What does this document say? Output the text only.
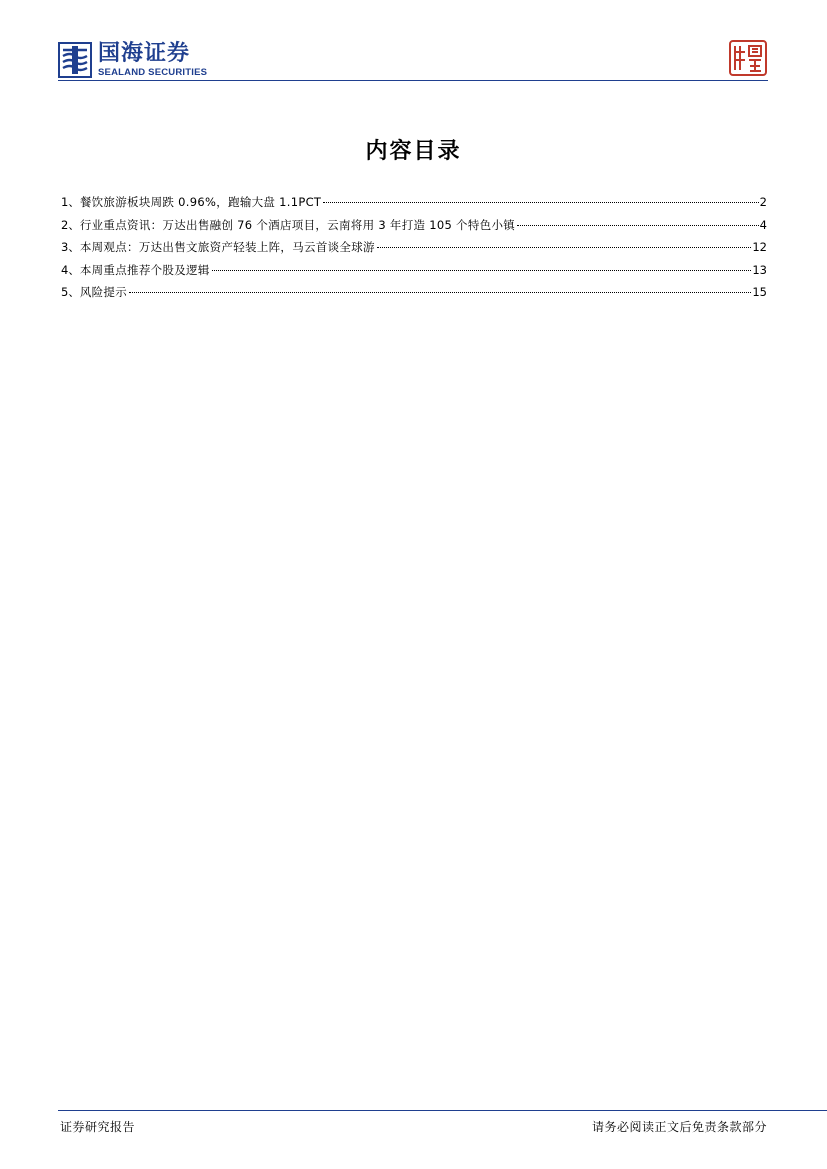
国海证券
SEALAND SECURITIES
内容目录
1 、 餐饮旅游板块周跌 0.96%，跑输大盘 1.1PCT	2
2 、 行业重点资讯：万达出售融创 76 个酒店项目，云南将用 3 年打造 105 个特色小镇	4
3 、 本周观点：万达出售文旅资产轻装上阵，马云首谈全球游	12
4 、 本周重点推荐个股及逻辑	13
5 、 风险提示	15
证券研究报告	请务必阅读正文后免责条款部分
